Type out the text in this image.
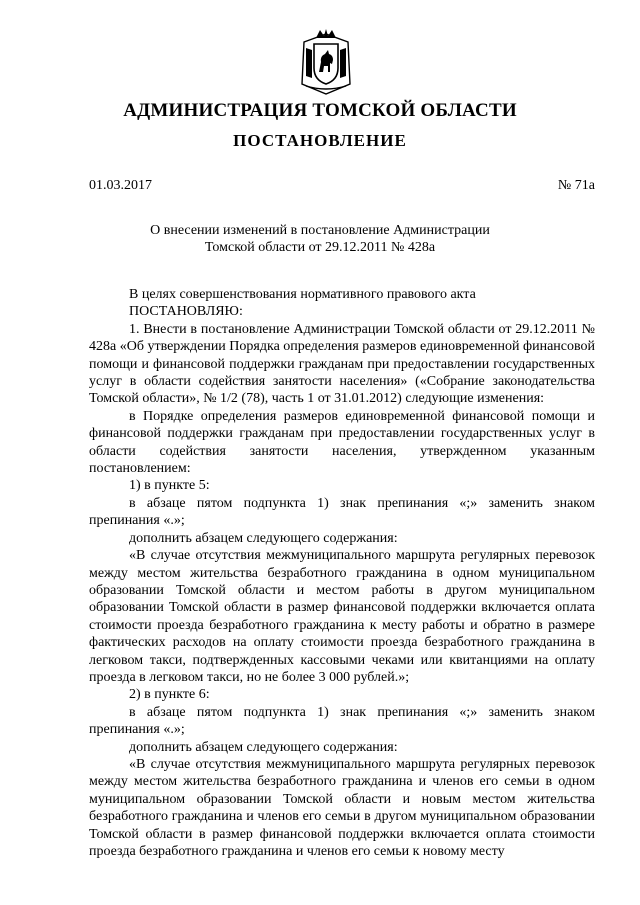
АДМИНИСТРАЦИЯ ТОМСКОЙ ОБЛАСТИ
ПОСТАНОВЛЕНИЕ
01.03.2017	№ 71а
О внесении изменений в постановление Администрации
Томской области от 29.12.2011 № 428а

В целях совершенствования нормативного правового акта

ПОСТАНОВЛЯЮ:

1. Внести в постановление Администрации Томской области от 29.12.2011 № 428а «Об утверждении Порядка определения размеров единовременной финансовой помощи и финансовой поддержки гражданам при предоставлении государственных услуг в области содействия занятости населения» («Собрание законодательства Томской области», № 1/2 (78), часть 1 от 31.01.2012) следующие изменения:

в Порядке определения размеров единовременной финансовой помощи и финансовой поддержки гражданам при предоставлении государственных услуг в области содействия занятости населения, утвержденном указанным постановлением:

1) в пункте 5:

в абзаце пятом подпункта 1) знак препинания «;» заменить знаком препинания «.»;

дополнить абзацем следующего содержания:

«В случае отсутствия межмуниципального маршрута регулярных перевозок между местом жительства безработного гражданина в одном муниципальном образовании Томской области и местом работы в другом муниципальном образовании Томской области в размер финансовой поддержки включается оплата стоимости проезда безработного гражданина к месту работы и обратно в размере фактических расходов на оплату стоимости проезда безработного гражданина в легковом такси, подтвержденных кассовыми чеками или квитанциями на оплату проезда в легковом такси, но не более 3 000 рублей.»;

2) в пункте 6:

в абзаце пятом подпункта 1) знак препинания «;» заменить знаком препинания «.»;

дополнить абзацем следующего содержания:

«В случае отсутствия межмуниципального маршрута регулярных перевозок между местом жительства безработного гражданина и членов его семьи в одном муниципальном образовании Томской области и новым местом жительства безработного гражданина и членов его семьи в другом муниципальном образовании Томской области в размер финансовой поддержки включается оплата стоимости проезда безработного гражданина и членов его семьи к новому месту
